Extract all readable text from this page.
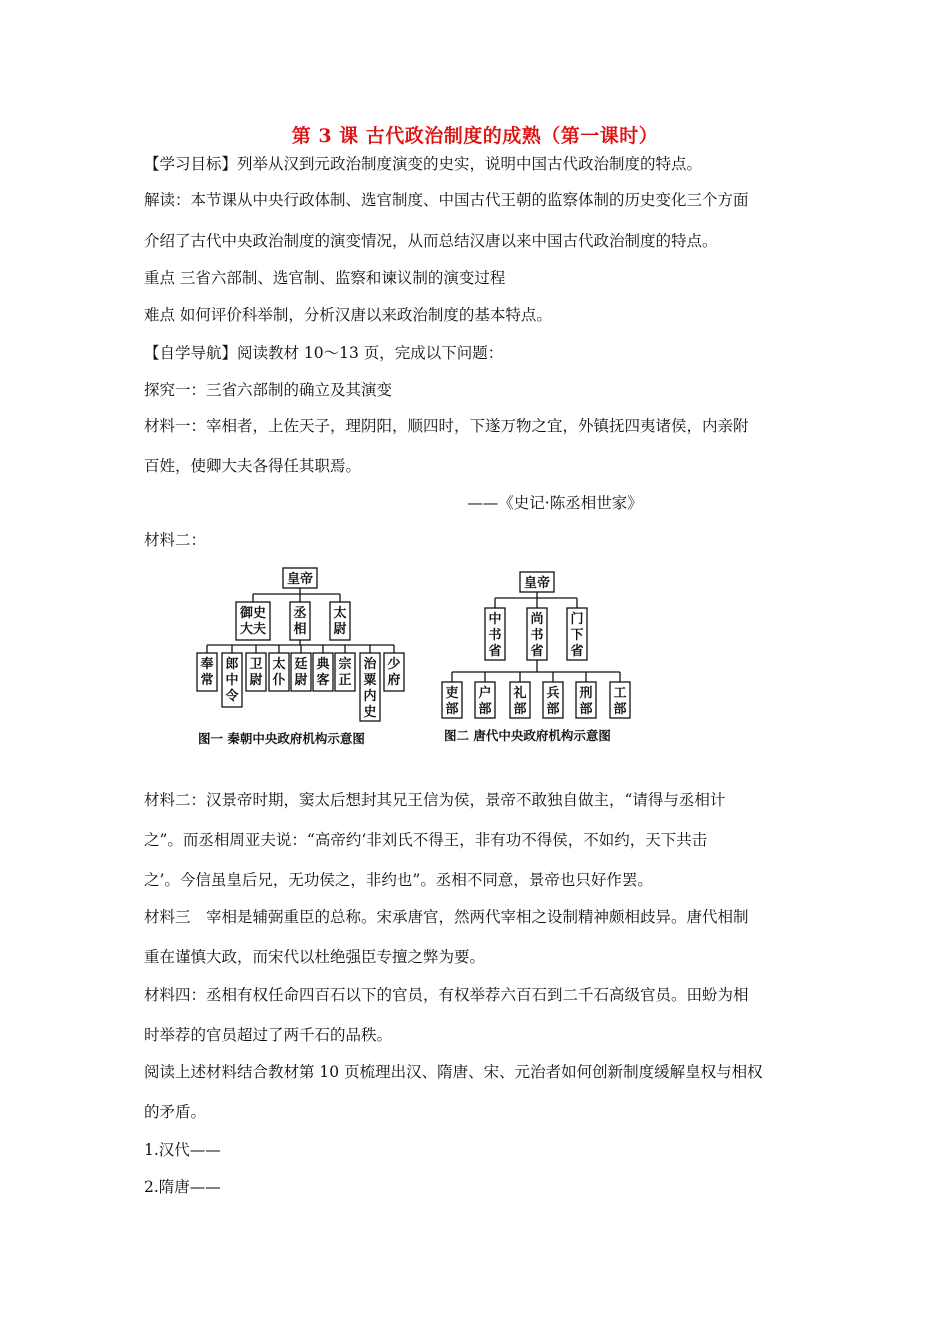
第 3 课 古代政治制度的成熟（第一课时）
【学习目标】列举从汉到元政治制度演变的史实，说明中国古代政治制度的特点。
解读：本节课从中央行政体制、选官制度、中国古代王朝的监察体制的历史变化三个方面
介绍了古代中央政治制度的演变情况，从而总结汉唐以来中国古代政治制度的特点。
重点 三省六部制、选官制、监察和谏议制的演变过程
难点 如何评价科举制，分析汉唐以来政治制度的基本特点。
【自学导航】阅读教材 10～13 页，完成以下问题：
探究一：三省六部制的确立及其演变
材料一：宰相者，上佐天子，理阴阳，顺四时，下遂万物之宜，外镇抚四夷诸侯，内亲附
百姓，使卿大夫各得任其职焉。
——《史记·陈丞相世家》
材料二：
皇帝
御史大夫
丞相
太尉
奉常
郎中令
卫尉
太仆
廷尉
典客
宗正
治粟内史
少府
图一 秦朝中央政府机构示意图
皇帝
中书省
尚书省
门下省
吏部
户部
礼部
兵部
刑部
工部
图二 唐代中央政府机构示意图
材料二：汉景帝时期，窦太后想封其兄王信为侯，景帝不敢独自做主，“请得与丞相计
之”。而丞相周亚夫说：“高帝约‘非刘氏不得王，非有功不得侯，不如约，天下共击
之’。今信虽皇后兄，无功侯之，非约也”。丞相不同意，景帝也只好作罢。
材料三　宰相是辅弼重臣的总称。宋承唐官，然两代宰相之设制精神颇相歧异。唐代相制
重在谨慎大政，而宋代以杜绝强臣专擅之弊为要。
材料四：丞相有权任命四百石以下的官员，有权举荐六百石到二千石高级官员。田蚡为相
时举荐的官员超过了两千石的品秩。
阅读上述材料结合教材第 10 页梳理出汉、隋唐、宋、元治者如何创新制度缓解皇权与相权
的矛盾。
1.汉代——
2.隋唐——
